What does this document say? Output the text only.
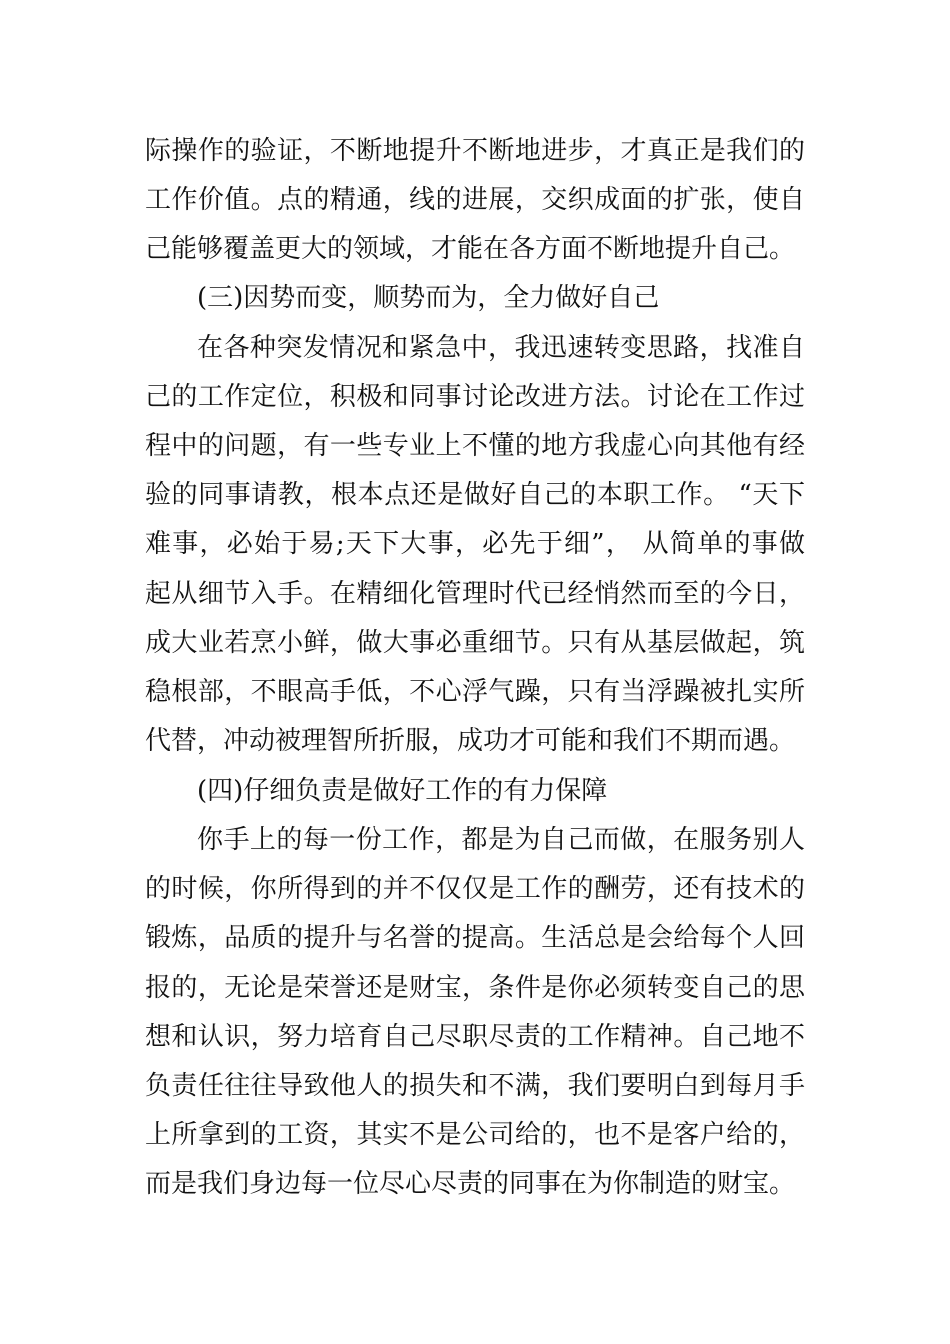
际操作的验证，不断地提升不断地进步，才真正是我们的
工作价值。点的精通，线的进展，交织成面的扩张，使自
己能够覆盖更大的领域，才能在各方面不断地提升自己。
(三)因势而变，顺势而为，全力做好自己
在各种突发情况和紧急中，我迅速转变思路，找准自
己的工作定位，积极和同事讨论改进方法。讨论在工作过
程中的问题，有一些专业上不懂的地方我虚心向其他有经
验的同事请教，根本点还是做好自己的本职工作。 “天下
难事，必始于易;天下大事，必先于细”， 从简单的事做
起从细节入手。在精细化管理时代已经悄然而至的今日，
成大业若烹小鲜，做大事必重细节。只有从基层做起，筑
稳根部，不眼高手低，不心浮气躁，只有当浮躁被扎实所
代替，冲动被理智所折服，成功才可能和我们不期而遇。
(四)仔细负责是做好工作的有力保障
你手上的每一份工作，都是为自己而做，在服务别人
的时候，你所得到的并不仅仅是工作的酬劳，还有技术的
锻炼，品质的提升与名誉的提高。生活总是会给每个人回
报的，无论是荣誉还是财宝，条件是你必须转变自己的思
想和认识，努力培育自己尽职尽责的工作精神。自己地不
负责任往往导致他人的损失和不满，我们要明白到每月手
上所拿到的工资，其实不是公司给的，也不是客户给的，
而是我们身边每一位尽心尽责的同事在为你制造的财宝。
